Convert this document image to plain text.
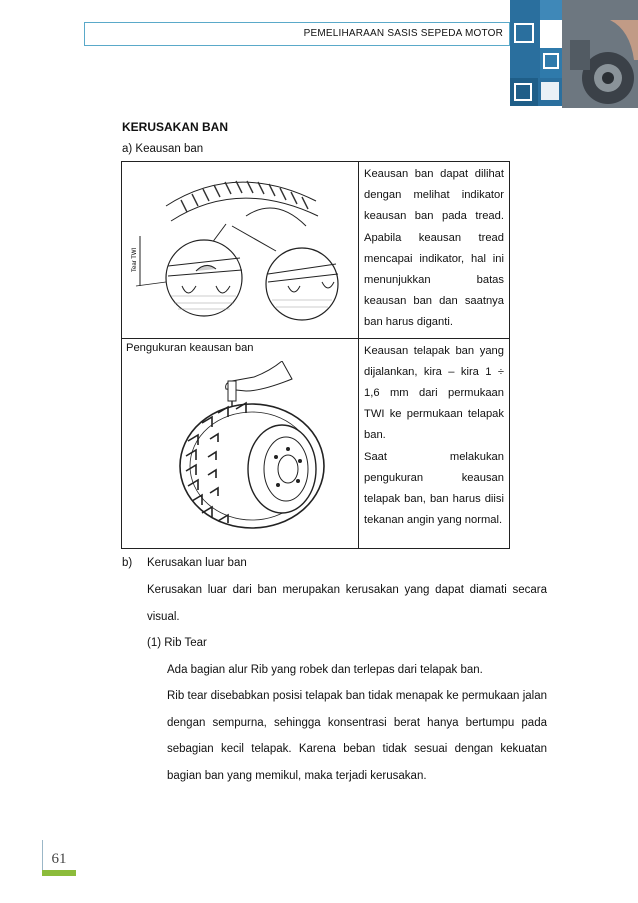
PEMELIHARAAN SASIS SEPEDA MOTOR
KERUSAKAN BAN
a) Keausan ban
Tear TWI	Keausan ban dapat dilihat dengan melihat indikator keausan ban pada tread. Apabila keausan tread mencapai indikator, hal ini menunjukkan batas keausan ban dan saatnya ban harus diganti.

Pengukuran keausan ban	Keausan telapak ban yang dijalankan, kira – kira 1 ÷ 1,6 mm dari permukaan TWI ke permukaan telapak ban.

Saat melakukan pengukuran keausan telapak ban, ban harus diisi tekanan angin yang normal.

b) Kerusakan luar ban
Kerusakan luar dari ban merupakan kerusakan yang dapat diamati secara visual.
(1) Rib Tear
Ada bagian alur Rib yang robek dan terlepas dari telapak ban.
Rib tear disebabkan posisi telapak ban tidak menapak ke permukaan jalan dengan sempurna, sehingga konsentrasi berat hanya bertumpu pada sebagian kecil telapak. Karena beban tidak sesuai dengan kekuatan bagian ban yang memikul, maka terjadi kerusakan.
61
